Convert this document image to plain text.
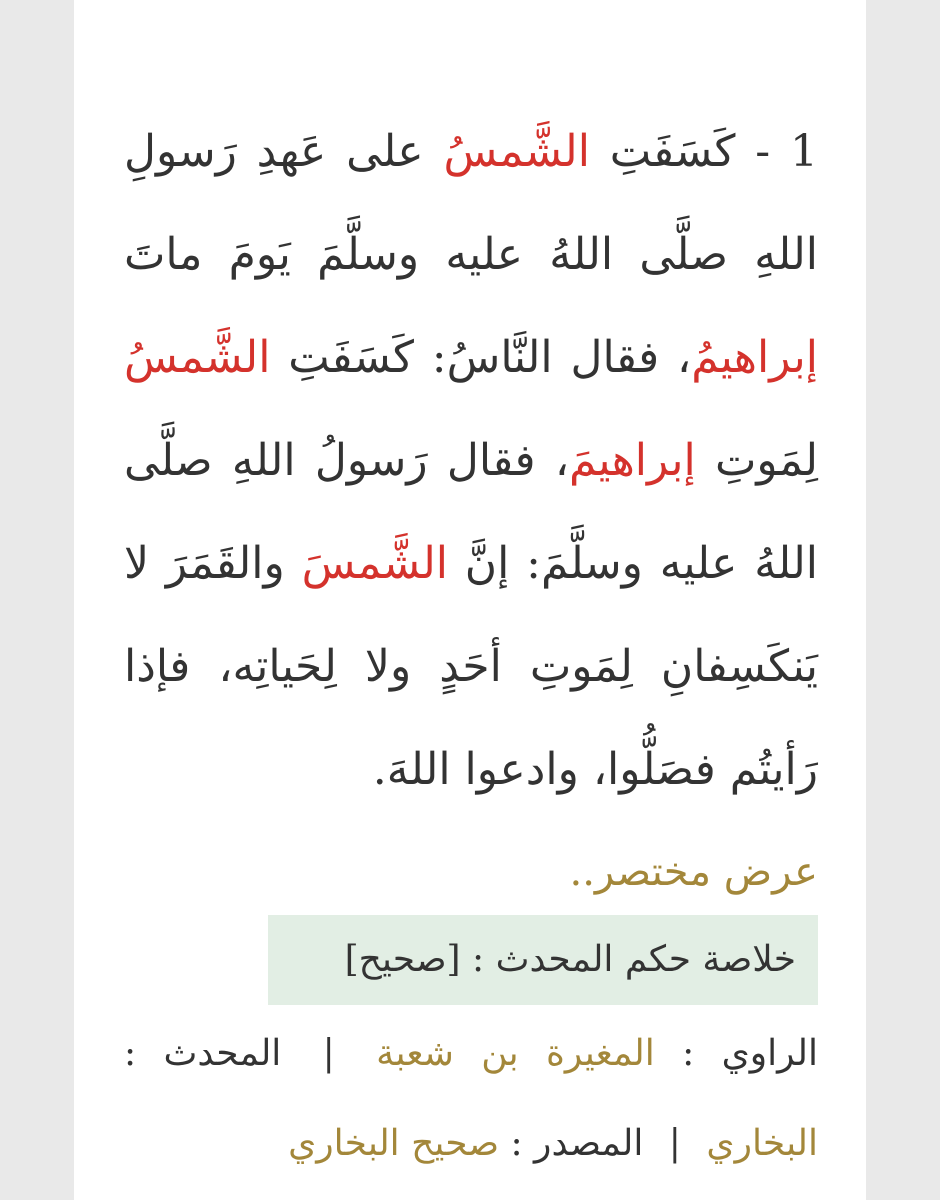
1 - كَسَفَتِ الشَّمسُ على عَهدِ رَسولِ اللهِ صلَّى اللهُ عليه وسلَّمَ يَومَ ماتَ إبراهيمُ، فقال النَّاسُ: كَسَفَتِ الشَّمسُ لِمَوتِ إبراهيمَ، فقال رَسولُ اللهِ صلَّى اللهُ عليه وسلَّمَ: إنَّ الشَّمسَ والقَمَرَ لا يَنكَسِفانِ لِمَوتِ أحَدٍ ولا لِحَياتِه، فإذا رَأيتُم فصَلُّوا، وادعوا اللهَ.

عرض مختصر..
خلاصة حكم المحدث : [صحيح]
الراوي : المغيرة بن شعبة | المحدث : البخاري | المصدر : صحيح البخاري
